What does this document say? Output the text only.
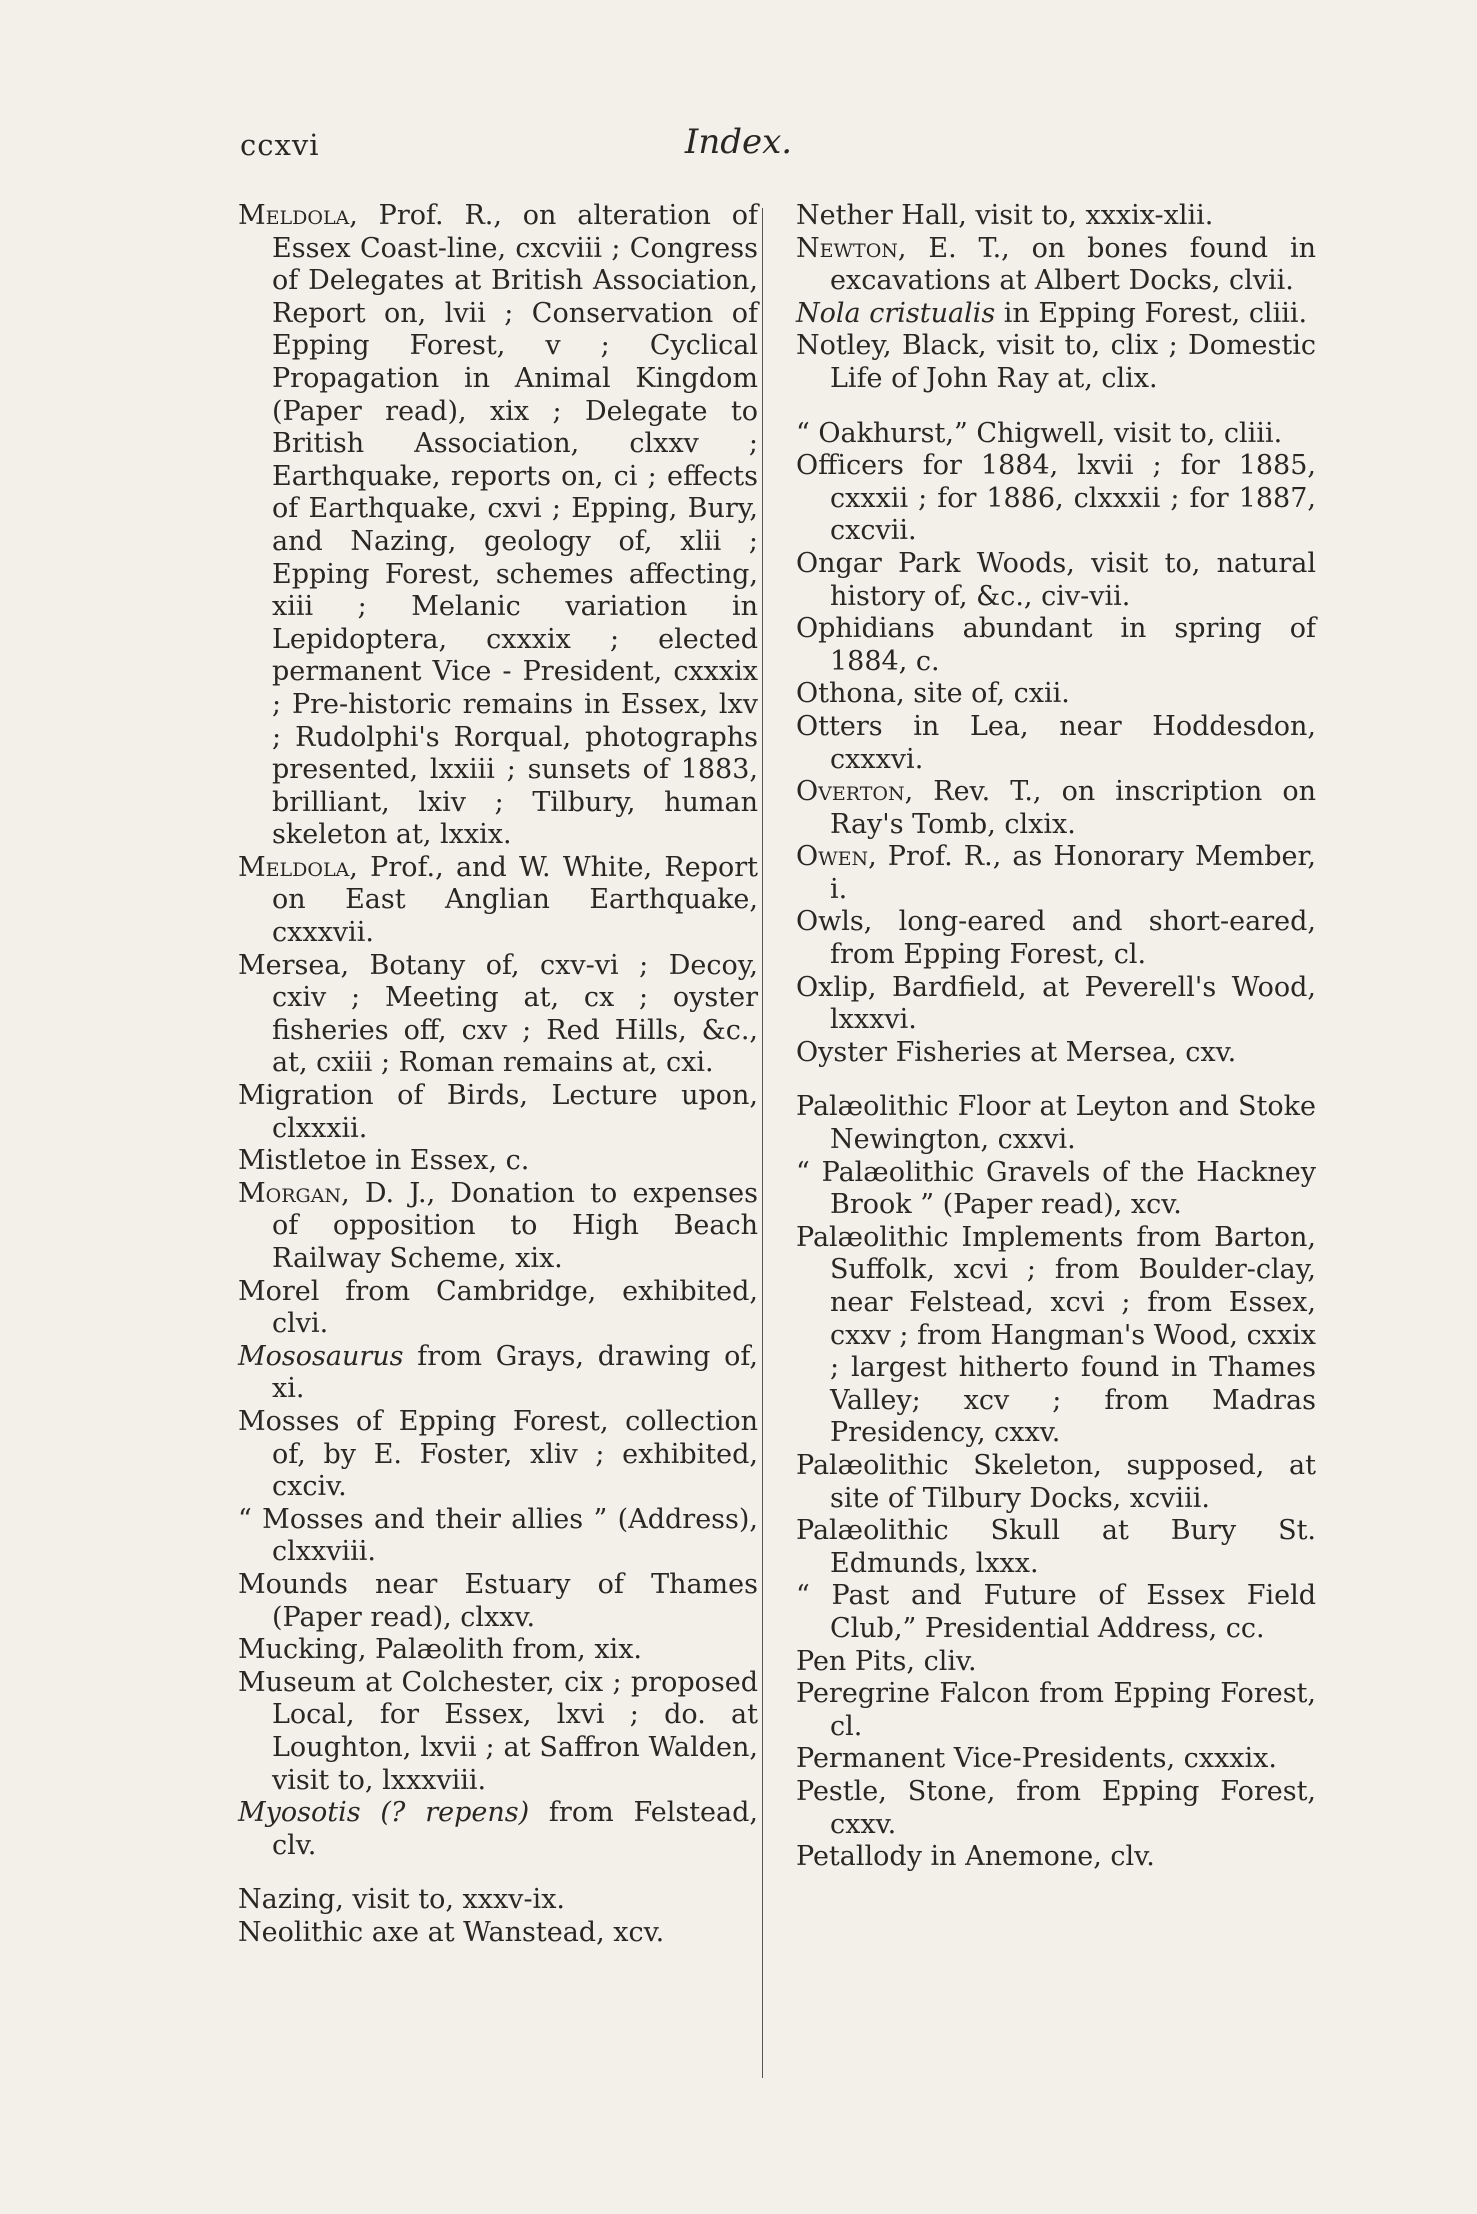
ccxvi	Index.
Meldola, Prof. R., on alteration of Essex Coast-line, cxcviii ; Congress of Delegates at British Association, Report on, lvii ; Conservation of Epping Forest, v ; Cyclical Propagation in Animal Kingdom (Paper read), xix ; Delegate to British Association, clxxv ; Earthquake, reports on, ci ; effects of Earthquake, cxvi ; Epping, Bury, and Nazing, geology of, xlii ; Epping Forest, schemes affecting, xiii ; Melanic variation in Lepidoptera, cxxxix ; elected permanent Vice - President, cxxxix ; Pre-historic remains in Essex, lxv ; Rudolphi's Rorqual, photographs presented, lxxiii ; sunsets of 1883, brilliant, lxiv ; Tilbury, human skeleton at, lxxix.
Meldola, Prof., and W. White, Report on East Anglian Earthquake, cxxxvii.
Mersea, Botany of, cxv-vi ; Decoy, cxiv ; Meeting at, cx ; oyster fisheries off, cxv ; Red Hills, &c., at, cxiii ; Roman remains at, cxi.
Migration of Birds, Lecture upon, clxxxii.
Mistletoe in Essex, c.
Morgan, D. J., Donation to expenses of opposition to High Beach Railway Scheme, xix.
Morel from Cambridge, exhibited, clvi.
Mososaurus from Grays, drawing of, xi.
Mosses of Epping Forest, collection of, by E. Foster, xliv ; exhibited, cxciv.
“ Mosses and their allies ” (Address), clxxviii.
Mounds near Estuary of Thames (Paper read), clxxv.
Mucking, Palæolith from, xix.
Museum at Colchester, cix ; proposed Local, for Essex, lxvi ; do. at Loughton, lxvii ; at Saffron Walden, visit to, lxxxviii.
Myosotis (? repens) from Felstead, clv.
Nazing, visit to, xxxv-ix.
Neolithic axe at Wanstead, xcv.
Nether Hall, visit to, xxxix-xlii.
Newton, E. T., on bones found in excavations at Albert Docks, clvii.
Nola cristualis in Epping Forest, cliii.
Notley, Black, visit to, clix ; Domestic Life of John Ray at, clix.
“ Oakhurst,” Chigwell, visit to, cliii.
Officers for 1884, lxvii ; for 1885, cxxxii ; for 1886, clxxxii ; for 1887, cxcvii.
Ongar Park Woods, visit to, natural history of, &c., civ-vii.
Ophidians abundant in spring of 1884, c.
Othona, site of, cxii.
Otters in Lea, near Hoddesdon, cxxxvi.
Overton, Rev. T., on inscription on Ray's Tomb, clxix.
Owen, Prof. R., as Honorary Member, i.
Owls, long-eared and short-eared, from Epping Forest, cl.
Oxlip, Bardfield, at Peverell's Wood, lxxxvi.
Oyster Fisheries at Mersea, cxv.
Palæolithic Floor at Leyton and Stoke Newington, cxxvi.
“ Palæolithic Gravels of the Hackney Brook ” (Paper read), xcv.
Palæolithic Implements from Barton, Suffolk, xcvi ; from Boulder-clay, near Felstead, xcvi ; from Essex, cxxv ; from Hangman's Wood, cxxix ; largest hitherto found in Thames Valley; xcv ; from Madras Presidency, cxxv.
Palæolithic Skeleton, supposed, at site of Tilbury Docks, xcviii.
Palæolithic Skull at Bury St. Edmunds, lxxx.
“ Past and Future of Essex Field Club,” Presidential Address, cc.
Pen Pits, cliv.
Peregrine Falcon from Epping Forest, cl.
Permanent Vice-Presidents, cxxxix.
Pestle, Stone, from Epping Forest, cxxv.
Petallody in Anemone, clv.
